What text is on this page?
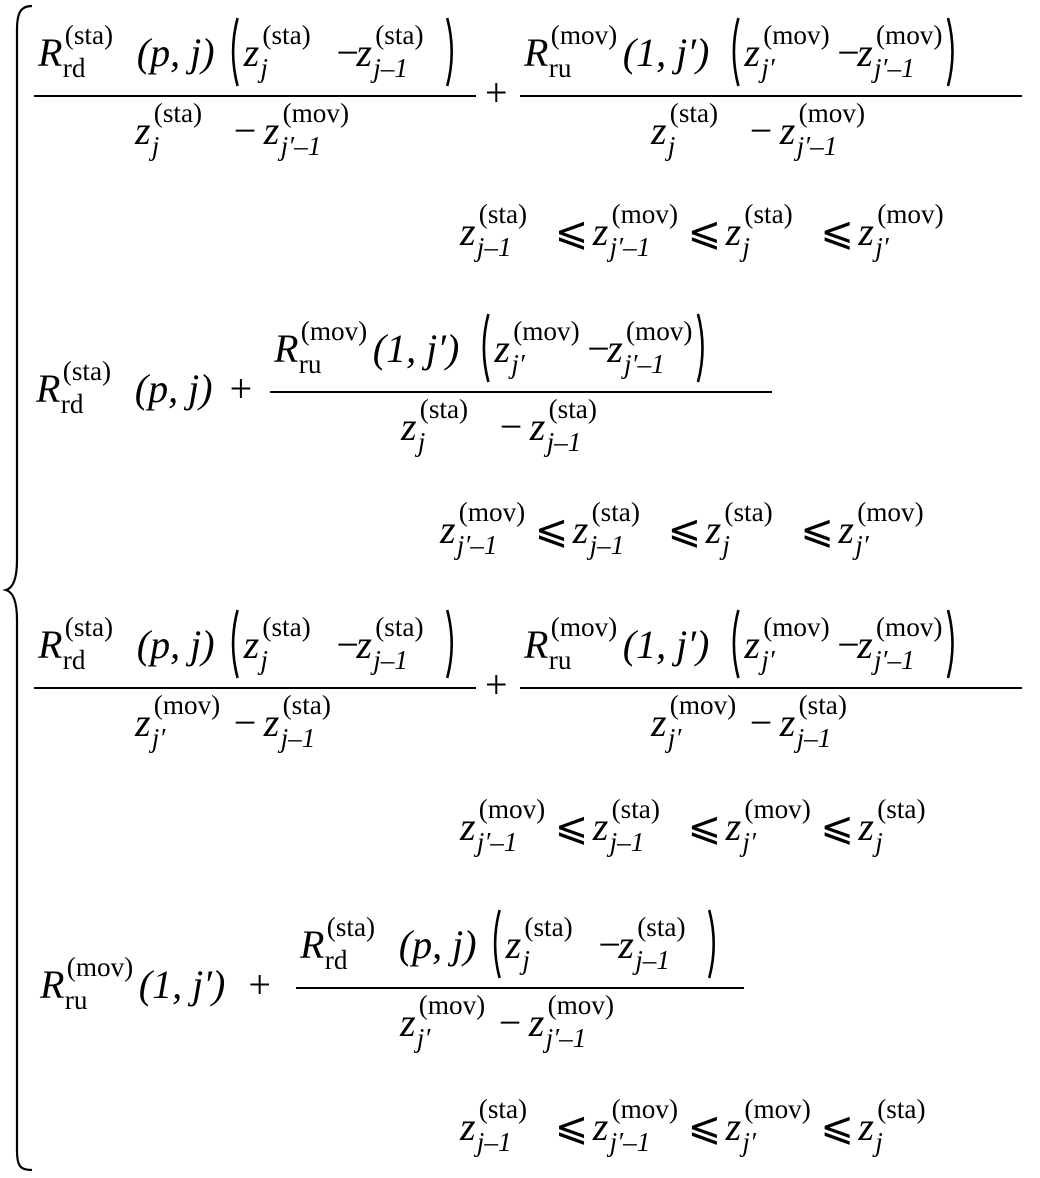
R rd
(sta) (p, j) z j
(sta) −
z j–1
(sta)
z j
(sta) − z j′–1
(mov)	+
R ru
(mov) (1, j′) z j′
(mov) −
z j′–1
(mov)
z j
(sta) − z j′–1
(mov)
z j–1
(sta) ⩽ z j′–1
(mov) ⩽ z j
(sta) ⩽ z j′
(mov)
R rd
(sta) (p, j) +
R ru
(mov) (1, j′) z j′
(mov) −
z j′–1
(mov)
z j
(sta) − z j–1
(sta)
z j′–1
(mov) ⩽ z j–1
(sta) ⩽ z j
(sta) ⩽ z j′
(mov)
R rd
(sta) (p, j) z j
(sta) −
z j–1
(sta)
z j′
(mov) − z j–1
(sta)	+
R ru
(mov) (1, j′) z j′
(mov) −
z j′–1
(mov)
z j′
(mov) − z j–1
(sta)
z j′–1
(mov) ⩽ z j–1
(sta) ⩽ z j′
(mov) ⩽ z j
(sta)
R ru
(mov) (1, j′) +
R rd
(sta) (p, j) z j
(sta) −
z j–1
(sta)
z j′
(mov) − z j′–1
(mov)
z j–1
(sta) ⩽ z j′–1
(mov) ⩽ z j′
(mov) ⩽ z j
(sta)
